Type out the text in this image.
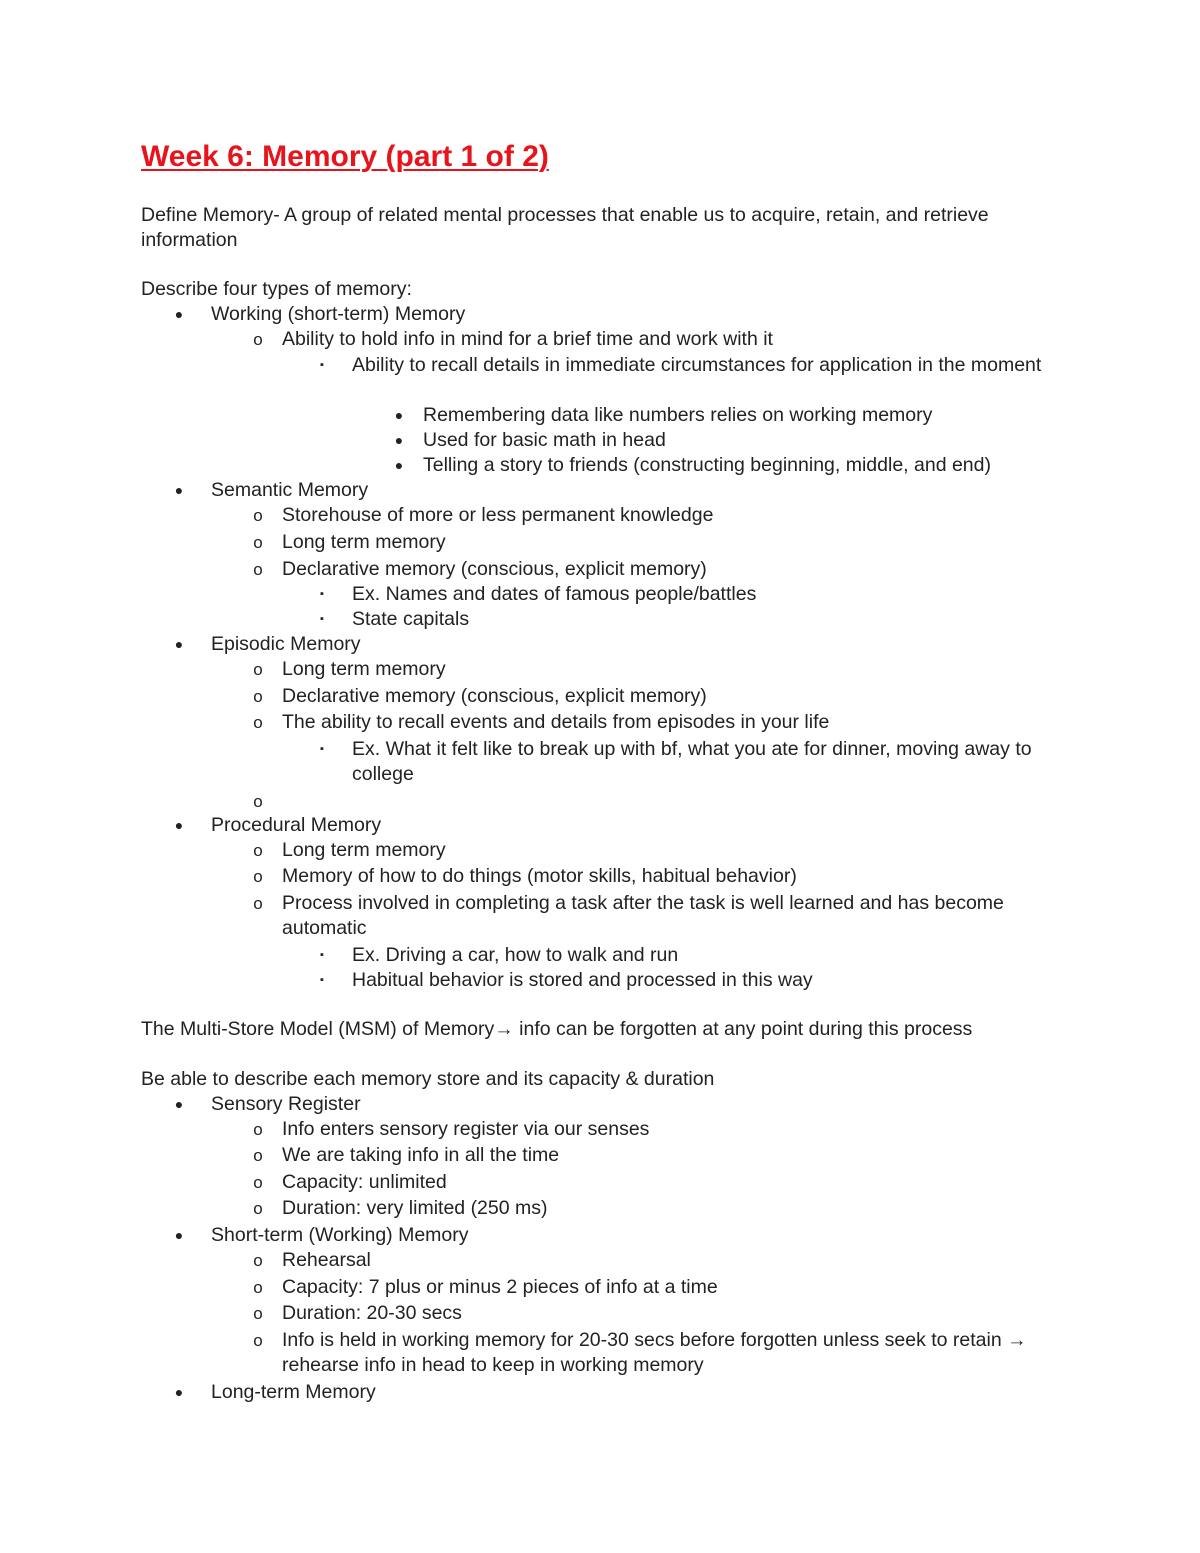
Week 6: Memory (part 1 of 2)

Define Memory- A group of related mental processes that enable us to acquire, retain, and retrieve information

Describe four types of memory:

● Working (short-term) Memory
o Ability to hold info in mind for a brief time and work with it
▪	Ability to recall details in immediate circumstances for application in the moment
● Remembering data like numbers relies on working memory
● Used for basic math in head
● Telling a story to friends (constructing beginning, middle, and end)
● Semantic Memory
o Storehouse of more or less permanent knowledge
o Long term memory
o Declarative memory (conscious, explicit memory)
▪	Ex. Names and dates of famous people/battles
▪	State capitals
● Episodic Memory
o Long term memory
o Declarative memory (conscious, explicit memory)
o The ability to recall events and details from episodes in your life
▪	Ex. What it felt like to break up with bf, what you ate for dinner, moving away to college
o
● Procedural Memory
o Long term memory
o Memory of how to do things (motor skills, habitual behavior)
o Process involved in completing a task after the task is well learned and has become automatic
▪	Ex. Driving a car, how to walk and run
▪	Habitual behavior is stored and processed in this way

The Multi-Store Model (MSM) of Memory→ info can be forgotten at any point during this process

Be able to describe each memory store and its capacity & duration

● Sensory Register
o Info enters sensory register via our senses
o We are taking info in all the time
o Capacity: unlimited
o Duration: very limited (250 ms)
● Short-term (Working) Memory
o Rehearsal
o Capacity: 7 plus or minus 2 pieces of info at a time
o Duration: 20-30 secs
o Info is held in working memory for 20-30 secs before forgotten unless seek to retain → rehearse info in head to keep in working memory
● Long-term Memory
